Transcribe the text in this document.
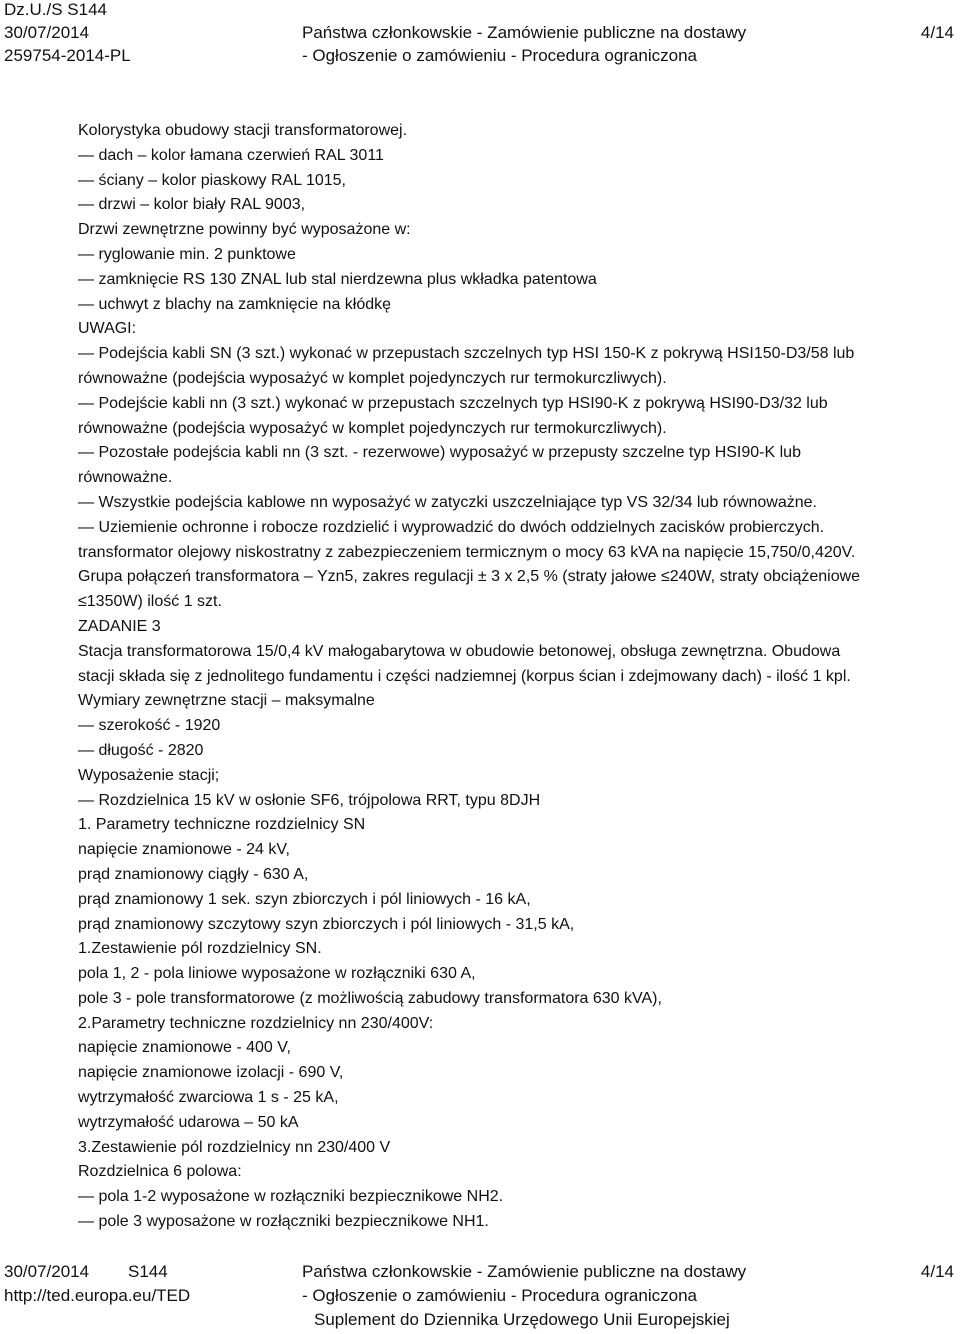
Dz.U./S S144
30/07/2014	Państwa członkowskie - Zamówienie publiczne na dostawy	4/14
259754-2014-PL	- Ogłoszenie o zamówieniu - Procedura ograniczona

Kolorystyka obudowy stacji transformatorowej.

— dach – kolor łamana czerwień RAL 3011

— ściany – kolor piaskowy RAL 1015,

— drzwi – kolor biały RAL 9003,

Drzwi zewnętrzne powinny być wyposażone w:

— ryglowanie min. 2 punktowe

— zamknięcie RS 130 ZNAL lub stal nierdzewna plus wkładka patentowa

— uchwyt z blachy na zamknięcie na kłódkę

UWAGI:

— Podejścia kabli SN (3 szt.) wykonać w przepustach szczelnych typ HSI 150-K z pokrywą HSI150-D3/58 lub

równoważne (podejścia wyposażyć w komplet pojedynczych rur termokurczliwych).

— Podejście kabli nn (3 szt.) wykonać w przepustach szczelnych typ HSI90-K z pokrywą HSI90-D3/32 lub

równoważne (podejścia wyposażyć w komplet pojedynczych rur termokurczliwych).

— Pozostałe podejścia kabli nn (3 szt. - rezerwowe) wyposażyć w przepusty szczelne typ HSI90-K lub

równoważne.

— Wszystkie podejścia kablowe nn wyposażyć w zatyczki uszczelniające typ VS 32/34 lub równoważne.

— Uziemienie ochronne i robocze rozdzielić i wyprowadzić do dwóch oddzielnych zacisków probierczych.

transformator olejowy niskostratny z zabezpieczeniem termicznym o mocy 63 kVA na napięcie 15,750/0,420V.

Grupa połączeń transformatora – Yzn5, zakres regulacji ± 3 x 2,5 % (straty jałowe ≤240W, straty obciążeniowe

≤1350W) ilość 1 szt.

ZADANIE 3

Stacja transformatorowa 15/0,4 kV małogabarytowa w obudowie betonowej, obsługa zewnętrzna. Obudowa

stacji składa się z jednolitego fundamentu i części nadziemnej (korpus ścian i zdejmowany dach) - ilość 1 kpl.

Wymiary zewnętrzne stacji – maksymalne

— szerokość - 1920

— długość - 2820

Wyposażenie stacji;

— Rozdzielnica 15 kV w osłonie SF6, trójpolowa RRT, typu 8DJH

1. Parametry techniczne rozdzielnicy SN

napięcie znamionowe - 24 kV,

prąd znamionowy ciągły - 630 A,

prąd znamionowy 1 sek. szyn zbiorczych i pól liniowych - 16 kA,

prąd znamionowy szczytowy szyn zbiorczych i pól liniowych - 31,5 kA,

1.Zestawienie pól rozdzielnicy SN.

pola 1, 2 - pola liniowe wyposażone w rozłączniki 630 A,

pole 3 - pole transformatorowe (z możliwością zabudowy transformatora 630 kVA),

2.Parametry techniczne rozdzielnicy nn 230/400V:

napięcie znamionowe - 400 V,

napięcie znamionowe izolacji - 690 V,

wytrzymałość zwarciowa 1 s - 25 kA,

wytrzymałość udarowa – 50 kA

3.Zestawienie pól rozdzielnicy nn 230/400 V

Rozdzielnica 6 polowa:

— pola 1-2 wyposażone w rozłączniki bezpiecznikowe NH2.

— pole 3 wyposażone w rozłączniki bezpiecznikowe NH1.

30/07/2014 S144	Państwa członkowskie - Zamówienie publiczne na dostawy	4/14
http://ted.europa.eu/TED	- Ogłoszenie o zamówieniu - Procedura ograniczona
Suplement do Dziennika Urzędowego Unii Europejskiej
